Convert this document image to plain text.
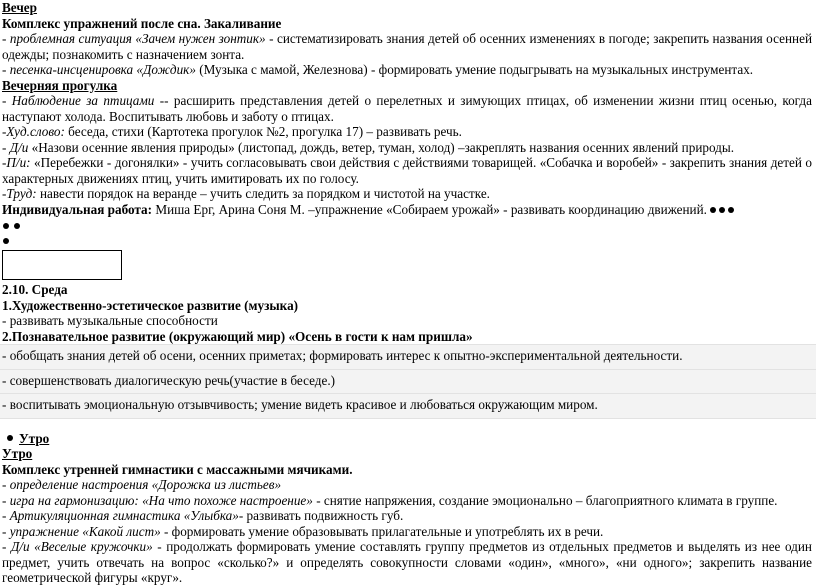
Вечер
Комплекс упражнений после сна. Закаливание
- проблемная ситуация «Зачем нужен зонтик» - систематизировать знания детей об осенних изменениях в погоде; закрепить названия осенней одежды; познакомить с назначением зонта.
- песенка-инсценировка «Дождик» (Музыка с мамой, Железнова) - формировать умение подыгрывать на музыкальных инструментах.
Вечерняя прогулка
- Наблюдение за птицами -- расширить представления детей о перелетных и зимующих птицах, об изменении жизни птиц осенью, когда наступают холода. Воспитывать любовь и заботу о птицах.
-Худ.слово: беседа, стихи (Картотека прогулок №2, прогулка 17) – развивать речь.
- Д/и «Назови осенние явления природы» (листопад, дождь, ветер, туман, холод) –закреплять названия осенних явлений природы.
-П/и: «Перебежки - догонялки» - учить согласовывать свои действия с действиями товарищей. «Собачка и воробей» - закрепить знания детей о характерных движениях птиц, учить имитировать их по голосу.
-Труд: навести порядок на веранде – учить следить за порядком и чистотой на участке.
Индивидуальная работа: Миша Ерг, Арина Соня М. –упражнение «Собираем урожай» - развивать координацию движений.
2.10. Среда
1.Художественно-эстетическое развитие (музыка)
- развивать музыкальные способности
2.Познавательное развитие (окружающий мир) «Осень в гости к нам пришла»
- обобщать знания детей об осени, осенних приметах; формировать интерес к опытно-экспериментальной деятельности.
- совершенствовать диалогическую речь(участие в беседе.)
- воспитывать эмоциональную отзывчивость; умение видеть красивое и любоваться окружающим миром.
Утро
Утро
Комплекс утренней гимнастики с массажными мячиками.
- определение настроения «Дорожка из листьев»
- игра на гармонизацию: «На что похоже настроение» - снятие напряжения, создание эмоционально – благоприятного климата в группе.
- Артикуляционная гимнастика «Улыбка»- развивать подвижность губ.
- упражнение «Какой лист» - формировать умение образовывать прилагательные и употреблять их в речи.
- Д/и «Веселые кружочки» - продолжать формировать умение составлять группу предметов из отдельных предметов и выделять из нее один предмет, учить отвечать на вопрос «сколько?» и определять совокупности словами «один», «много», «ни одного»; закрепить название геометрической фигуры «круг».
